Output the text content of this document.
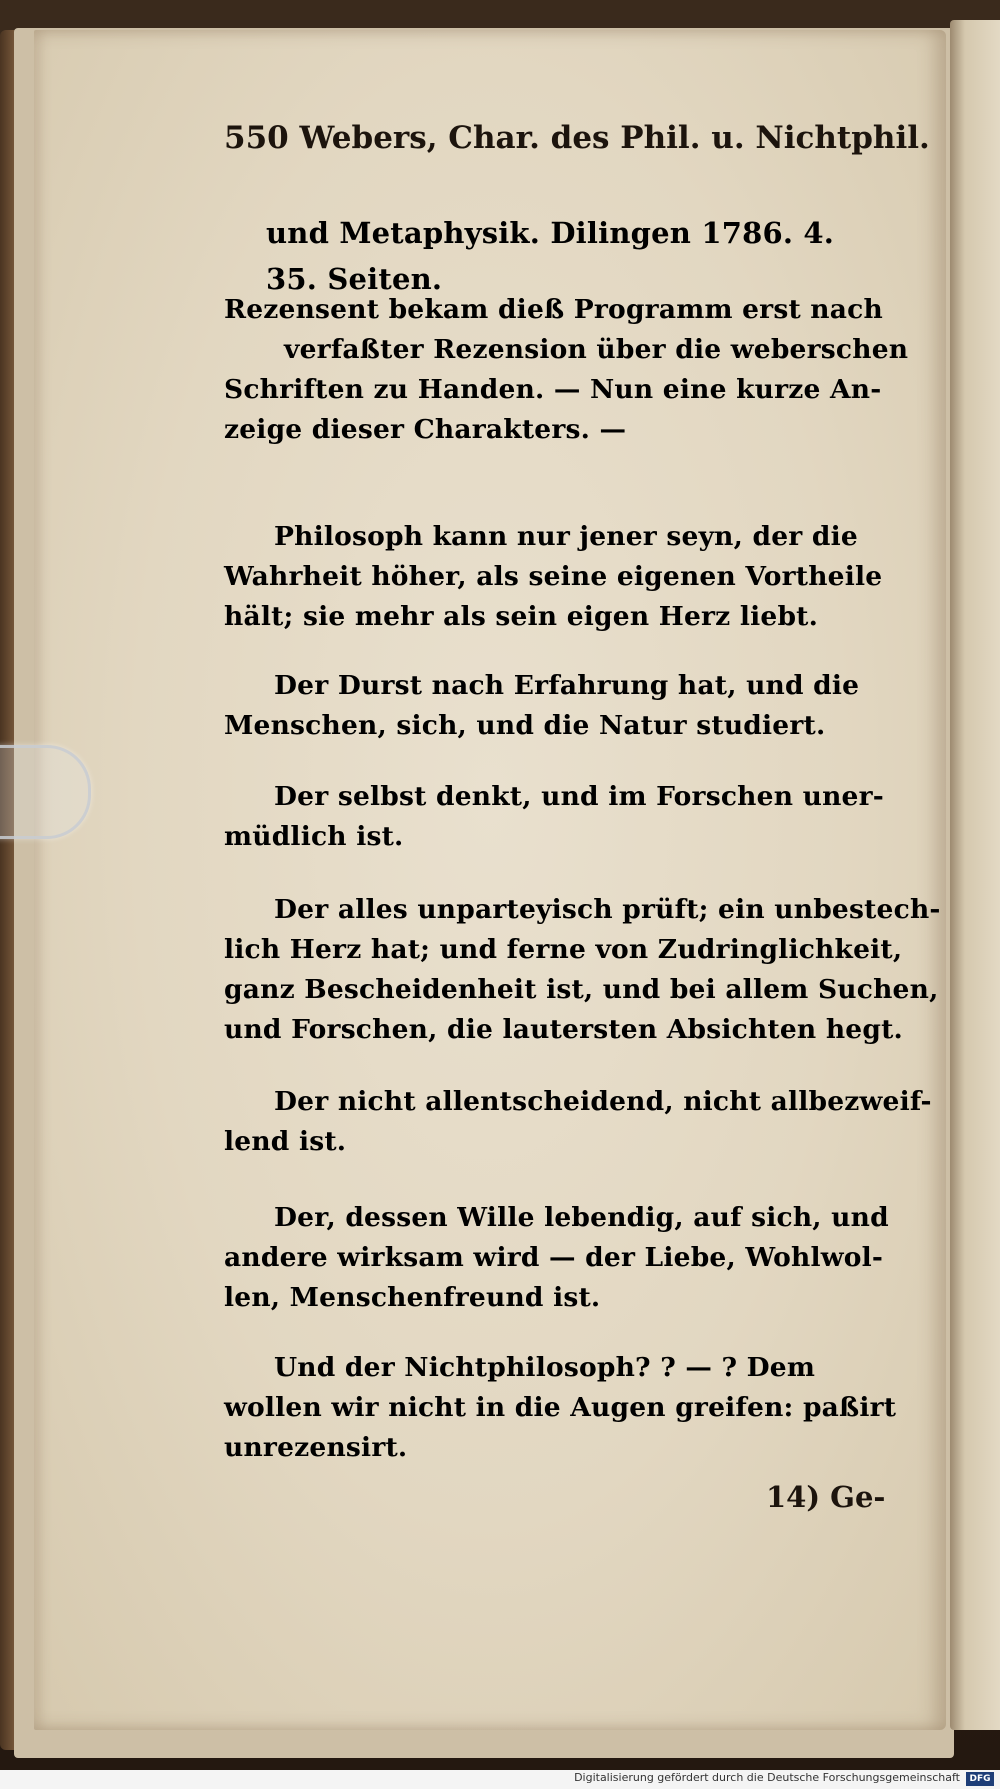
550 Webers, Char. des Phil. u. Nichtphil.
und Metaphysik. Dilingen 1786. 4.
35. Seiten.
Rezensent bekam dieß Programm erst nach
verfaßter Rezension über die weberschen
Schriften zu Handen. — Nun eine kurze An-
zeige dieser Charakters. —
Philosoph kann nur jener seyn, der die
Wahrheit höher, als seine eigenen Vortheile
hält; sie mehr als sein eigen Herz liebt.
Der Durst nach Erfahrung hat, und die
Menschen, sich, und die Natur studiert.
Der selbst denkt, und im Forschen uner-
müdlich ist.
Der alles unparteyisch prüft; ein unbestech-
lich Herz hat; und ferne von Zudringlichkeit,
ganz Bescheidenheit ist, und bei allem Suchen,
und Forschen, die lautersten Absichten hegt.
Der nicht allentscheidend, nicht allbezweif-
lend ist.
Der, dessen Wille lebendig, auf sich, und
andere wirksam wird — der Liebe, Wohlwol-
len, Menschenfreund ist.
Und der Nichtphilosoph? ? — ? Dem
wollen wir nicht in die Augen greifen: paßirt
unrezensirt.
14) Ge-
Digitalisierung gefördert durch die Deutsche Forschungsgemeinschaft	DFG
